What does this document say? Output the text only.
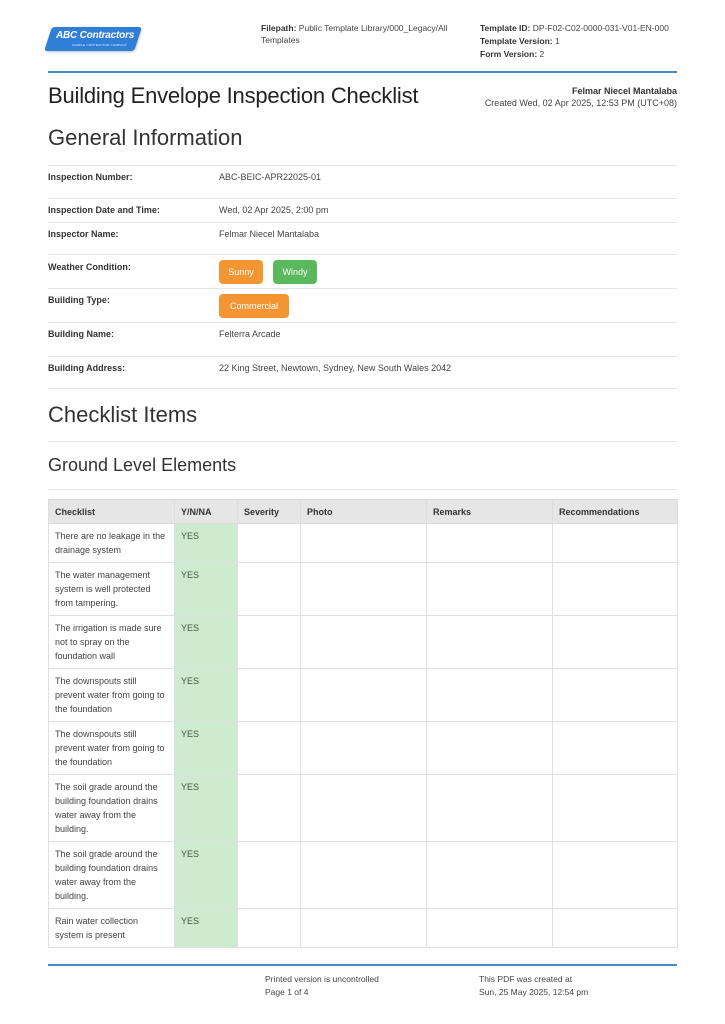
ABC Contractors
SAMPLE CONTRACTOR COMPANY
Filepath: Public Template Library/000_Legacy/All Templates
Template ID: DP-F02-C02-0000-031-V01-EN-000
Template Version: 1
Form Version: 2
Building Envelope Inspection Checklist	Felmar Niecel Mantalaba
Created Wed, 02 Apr 2025, 12:53 PM (UTC+08)
General Information
Inspection Number:	ABC-BEIC-APR22025-01
Inspection Date and Time:	Wed, 02 Apr 2025, 2:00 pm
Inspector Name:	Felmar Niecel Mantalaba
Weather Condition:	Sunny	Windy
Building Type:
Commercial
Building Name:	Felterra Arcade
Building Address:	22 King Street, Newtown, Sydney, New South Wales 2042
Checklist Items
Ground Level Elements
Checklist	Y/N/NA	Severity	Photo	Remarks	Recommendations
There are no leakage in the drainage system	YES				
The water management system is well protected from tampering.	YES				
The irrigation is made sure not to spray on the foundation wall	YES				
The downspouts still prevent water from going to the foundation	YES				
The downspouts still prevent water from going to the foundation	YES				
The soil grade around the building foundation drains water away from the building.	YES				
The soil grade around the building foundation drains water away from the building.	YES				
Rain water collection system is present	YES				
Printed version is uncontrolled
Page 1 of 4
This PDF was created at
Sun, 25 May 2025, 12:54 pm
